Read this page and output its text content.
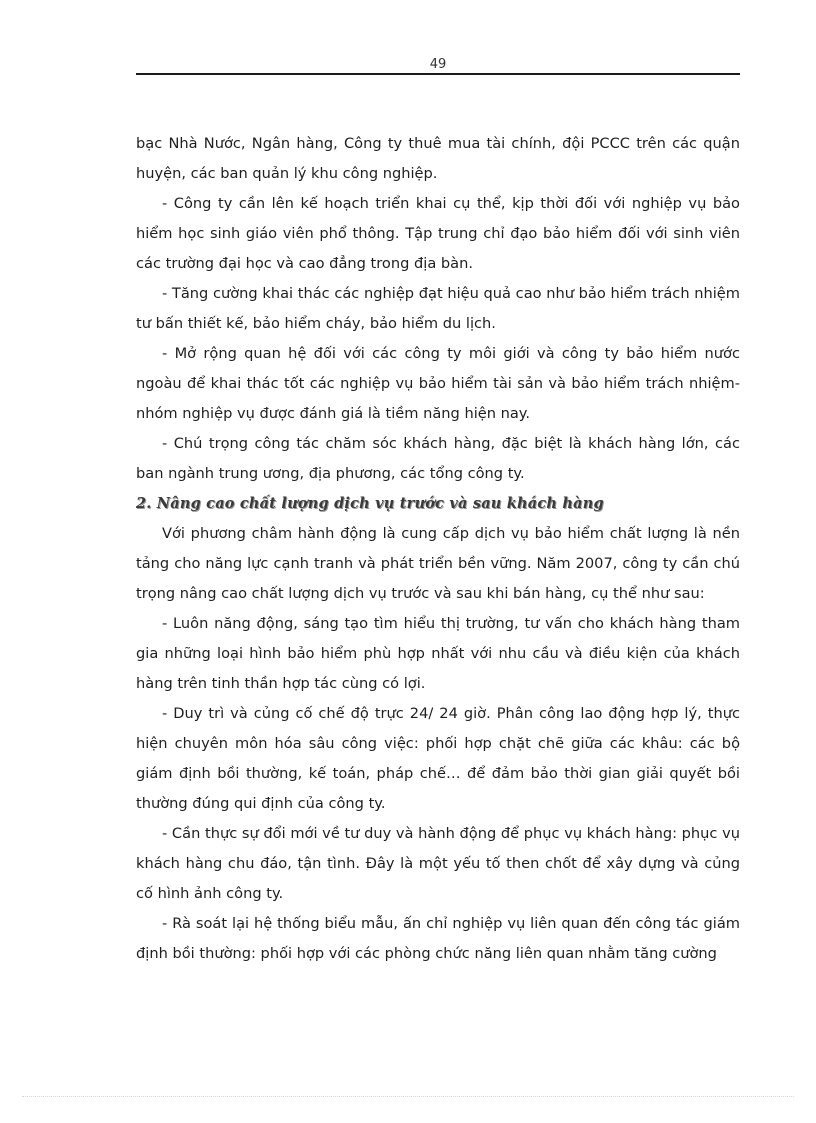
49

bạc Nhà Nước, Ngân hàng, Công ty thuê mua tài chính, đội PCCC trên các quận huyện, các ban quản lý khu công nghiệp.

- Công ty cần lên kế hoạch triển khai cụ thể, kịp thời đối với nghiệp vụ bảo hiểm học sinh giáo viên phổ thông. Tập trung chỉ đạo bảo hiểm đối với sinh viên các trường đại học và cao đẳng trong địa bàn.

- Tăng cường khai thác các nghiệp đạt hiệu quả cao như bảo hiểm trách nhiệm tư bấn thiết kế, bảo hiểm cháy, bảo hiểm du lịch.

- Mở rộng quan hệ đối với các công ty môi giới và công ty bảo hiểm nước ngoàu để khai thác tốt các nghiệp vụ bảo hiểm tài sản và bảo hiểm trách nhiệm- nhóm nghiệp vụ được đánh giá là tiềm năng hiện nay.

- Chú trọng công tác chăm sóc khách hàng, đặc biệt là khách hàng lớn, các ban ngành trung ương, địa phương, các tổng công ty.

2. Nâng cao chất lượng dịch vụ trước và sau khách hàng

Với phương châm hành động là cung cấp dịch vụ bảo hiểm chất lượng là nền tảng cho năng lực cạnh tranh và phát triển bền vững. Năm 2007, công ty cần chú trọng nâng cao chất lượng dịch vụ trước và sau khi bán hàng, cụ thể như sau:

- Luôn năng động, sáng tạo tìm hiểu thị trường, tư vấn cho khách hàng tham gia những loại hình bảo hiểm phù hợp nhất với nhu cầu và điều kiện của khách hàng trên tinh thần hợp tác cùng có lợi.

- Duy trì và củng cố chế độ trực 24/ 24 giờ. Phân công lao động hợp lý, thực hiện chuyên môn hóa sâu công việc: phối hợp chặt chẽ giữa các khâu: các bộ giám định bồi thường, kế toán, pháp chế… để đảm bảo thời gian giải quyết bồi thường đúng qui định của công ty.

- Cần thực sự đổi mới về tư duy và hành động để phục vụ khách hàng: phục vụ khách hàng chu đáo, tận tình. Đây là một yếu tố then chốt để xây dựng và củng cố hình ảnh công ty.

- Rà soát lại hệ thống biểu mẫu, ấn chỉ nghiệp vụ liên quan đến công tác giám định bồi thường: phối hợp với các phòng chức năng liên quan nhằm tăng cường
